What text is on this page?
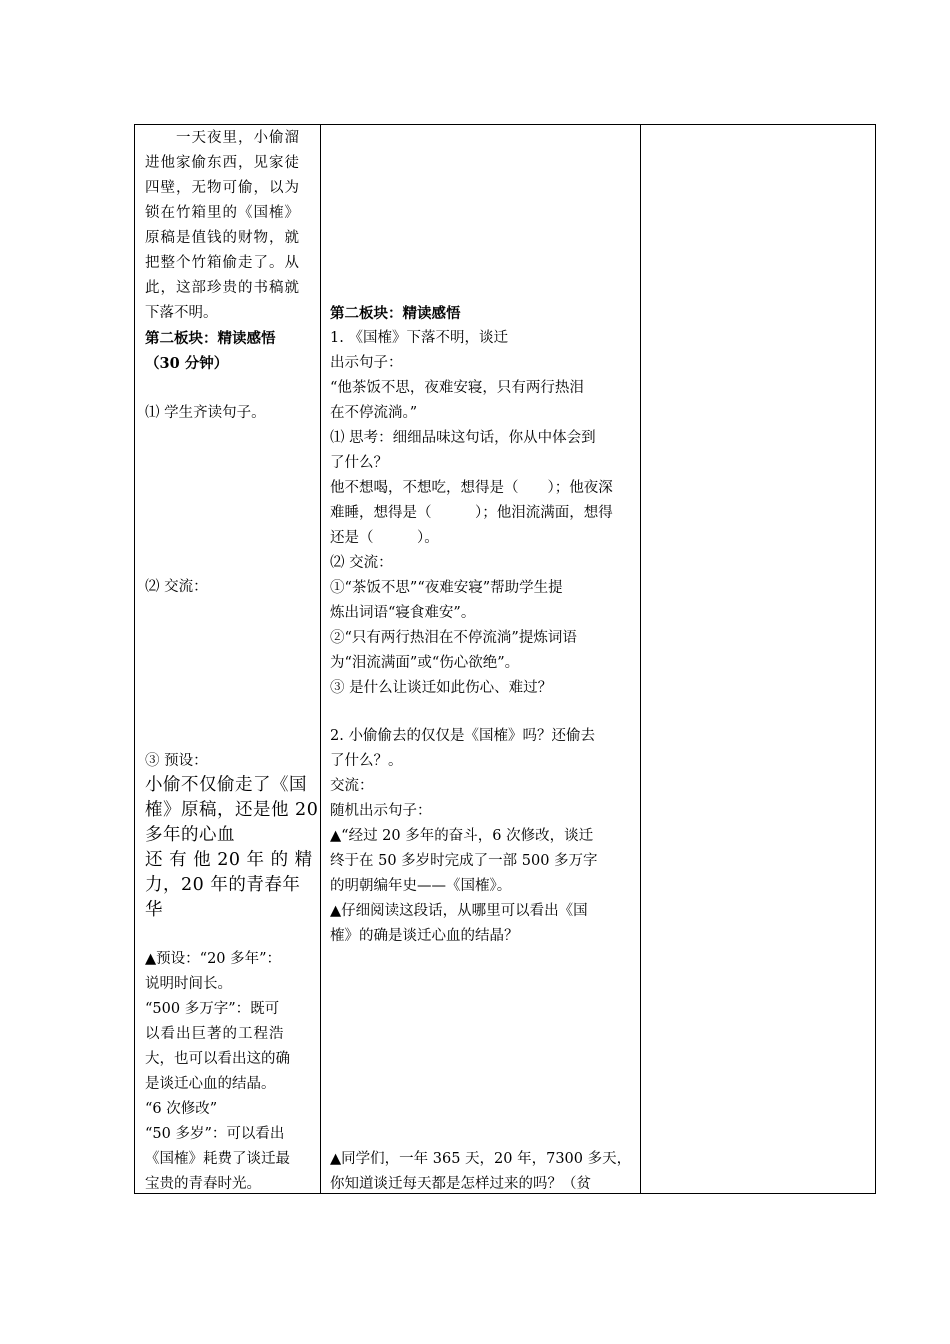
　　一天夜里，小偷溜
进他家偷东西，见家徒
四壁，无物可偷，以为
锁在竹箱里的《国榷》
原稿是值钱的财物，就
把整个竹箱偷走了。从
此，这部珍贵的书稿就
下落不明。
第二板块：精读感悟
（30 分钟）
⑴ 学生齐读句子。
⑵ 交流：
③ 预设：
小偷不仅偷走了《国
榷》原稿，还是他 20
多年的心血
还 有 他 20 年 的 精
力，20 年的青春年
华
▲预设：“20 多年”：
说明时间长。
“500 多万字”：既可
以看出巨著的工程浩
大，也可以看出这的确
是谈迁心血的结晶。
“6 次修改”
“50 多岁”：可以看出
《国榷》耗费了谈迁最
宝贵的青春时光。
第二板块：精读感悟
1. 《国榷》下落不明，谈迁
出示句子：
“他茶饭不思，夜难安寝，只有两行热泪
在不停流淌。”
⑴ 思考：细细品味这句话，你从中体会到
了什么？
他不想喝，不想吃，想得是（　　）；他夜深
难睡，想得是（　　　）；他泪流满面，想得
还是（　　　）。
⑵ 交流：
①“茶饭不思”“夜难安寝”帮助学生提
炼出词语“寝食难安”。
②“只有两行热泪在不停流淌”提炼词语
为“泪流满面”或“伤心欲绝”。
③ 是什么让谈迁如此伤心、难过？
2. 小偷偷去的仅仅是《国榷》吗？还偷去
了什么？。
交流：
随机出示句子：
▲“经过 20 多年的奋斗，6 次修改，谈迁
终于在 50 多岁时完成了一部 500 多万字
的明朝编年史——《国榷》。
▲仔细阅读这段话，从哪里可以看出《国
榷》的确是谈迁心血的结晶？
▲同学们，一年 365 天，20 年，7300 多天，
你知道谈迁每天都是怎样过来的吗？（贫
